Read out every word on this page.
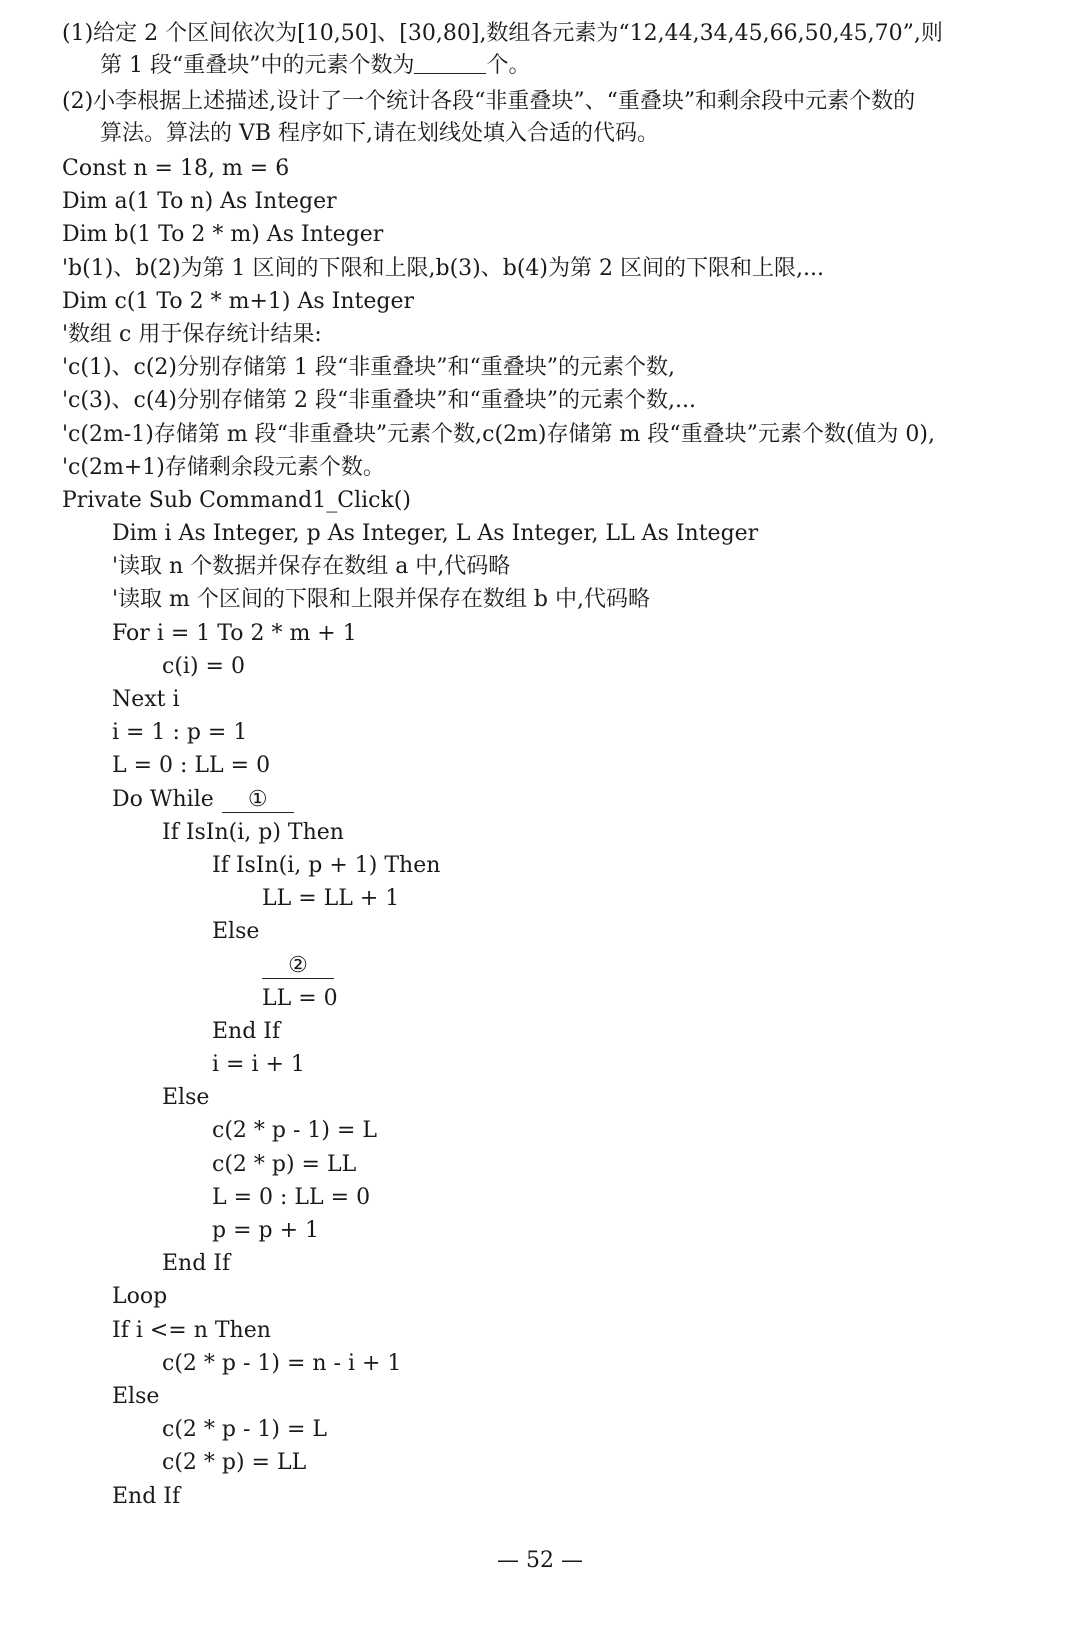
(1)给定 2 个区间依次为[10,50]、[30,80],数组各元素为“12,44,34,45,66,50,45,70”,则
第 1 段“重叠块”中的元素个数为	个。
(2)小李根据上述描述,设计了一个统计各段“非重叠块”、“重叠块”和剩余段中元素个数的
算法。算法的 VB 程序如下,请在划线处填入合适的代码。
Const n = 18, m = 6
Dim a(1 To n) As Integer
Dim b(1 To 2 * m) As Integer
'b(1)、b(2)为第 1 区间的下限和上限,b(3)、b(4)为第 2 区间的下限和上限,...
Dim c(1 To 2 * m+1) As Integer
'数组 c 用于保存统计结果:
'c(1)、c(2)分别存储第 1 段“非重叠块”和“重叠块”的元素个数,
'c(3)、c(4)分别存储第 2 段“非重叠块”和“重叠块”的元素个数,...
'c(2m-1)存储第 m 段“非重叠块”元素个数,c(2m)存储第 m 段“重叠块”元素个数(值为 0),
'c(2m+1)存储剩余段元素个数。
Private Sub Command1_Click()
Dim i As Integer, p As Integer, L As Integer, LL As Integer
'读取 n 个数据并保存在数组 a 中,代码略
'读取 m 个区间的下限和上限并保存在数组 b 中,代码略
For i = 1 To 2 * m + 1
c(i) = 0
Next i
i = 1 : p = 1
L = 0 : LL = 0
Do While ①
If IsIn(i, p) Then
If IsIn(i, p + 1) Then
LL = LL + 1
Else
②
LL = 0
End If
i = i + 1
Else
c(2 * p - 1) = L
c(2 * p) = LL
L = 0 : LL = 0
p = p + 1
End If
Loop
If i <= n Then
c(2 * p - 1) = n - i + 1
Else
c(2 * p - 1) = L
c(2 * p) = LL
End If
— 52 —
